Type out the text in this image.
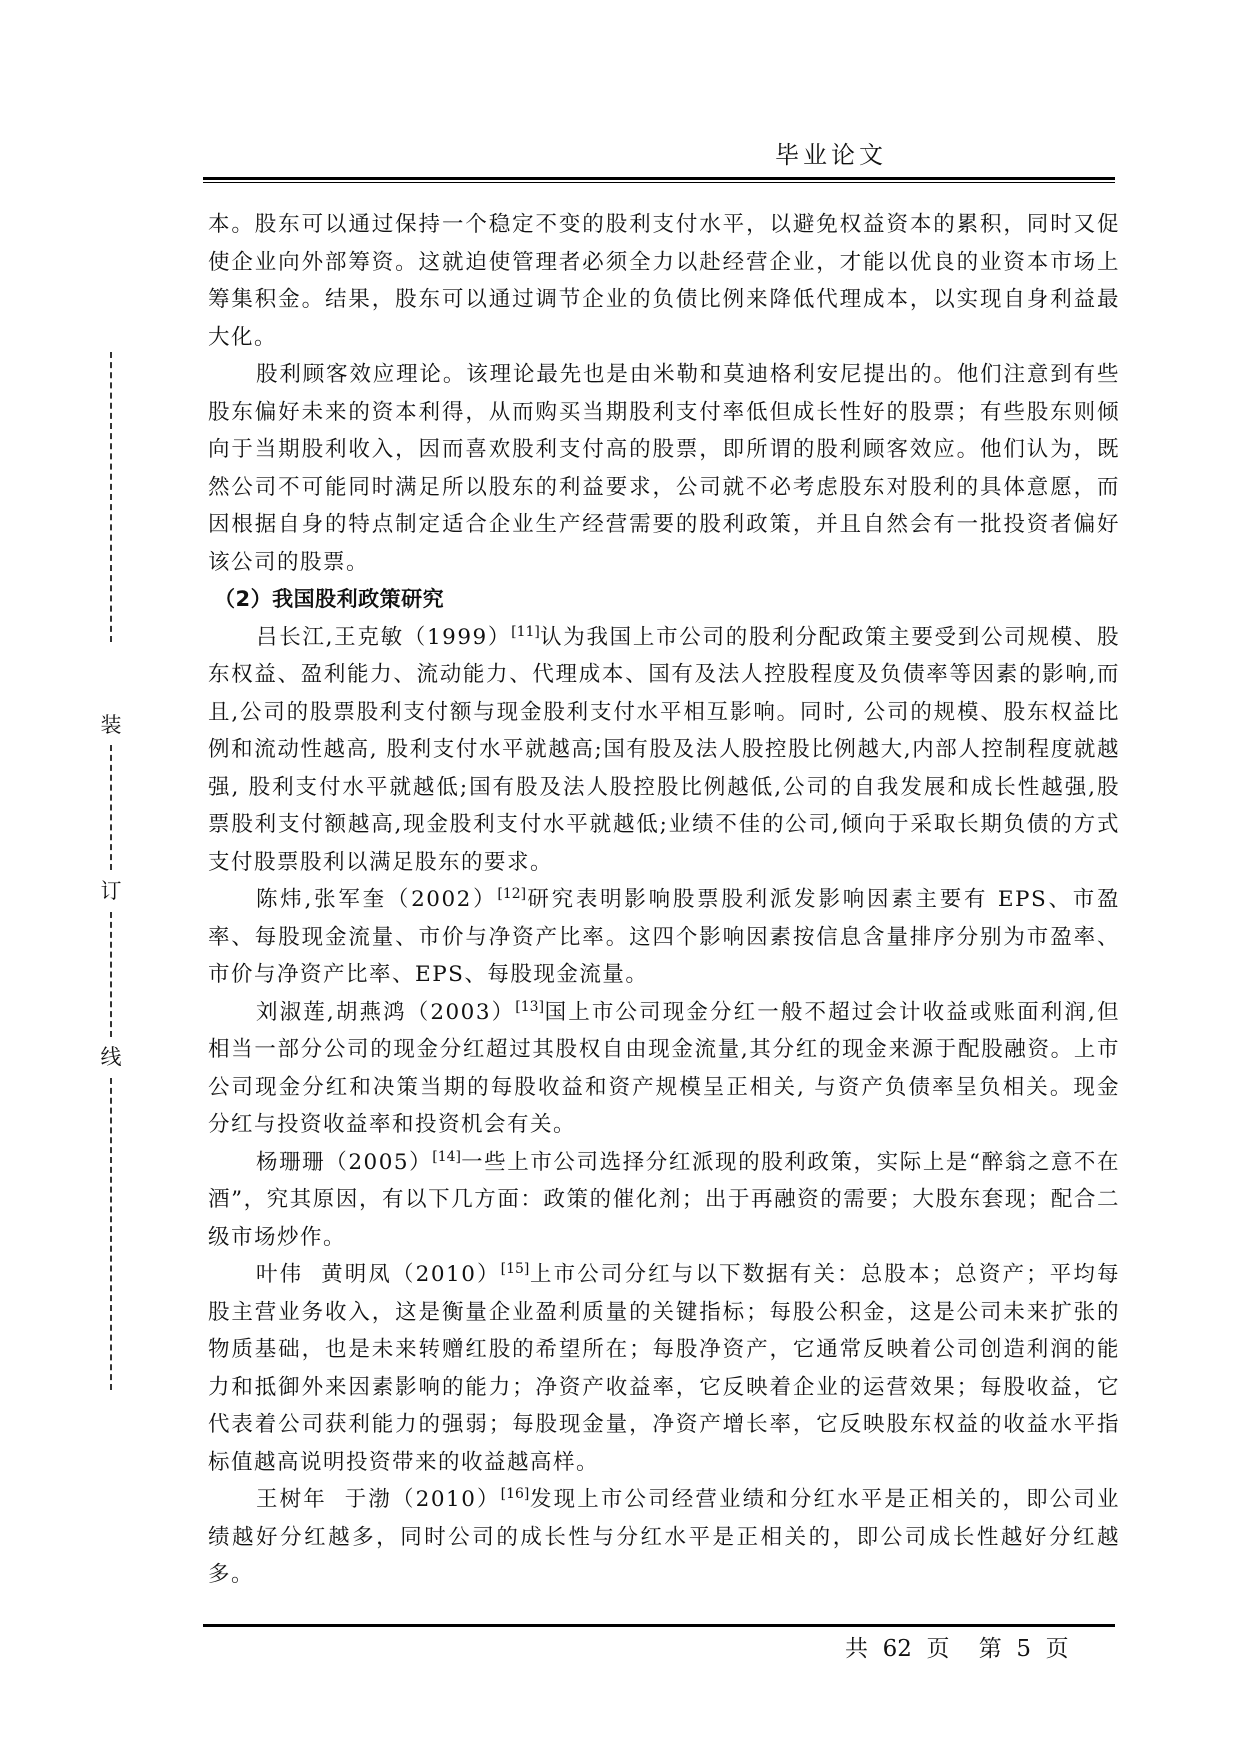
毕业论文
装
订
线

本。股东可以通过保持一个稳定不变的股利支付水平，以避免权益资本的累积，同时又促使企业向外部筹资。这就迫使管理者必须全力以赴经营企业，才能以优良的业资本市场上筹集积金。结果，股东可以通过调节企业的负债比例来降低代理成本，以实现自身利益最大化。

股利顾客效应理论。该理论最先也是由米勒和莫迪格利安尼提出的。他们注意到有些股东偏好未来的资本利得，从而购买当期股利支付率低但成长性好的股票；有些股东则倾向于当期股利收入，因而喜欢股利支付高的股票，即所谓的股利顾客效应。他们认为，既然公司不可能同时满足所以股东的利益要求，公司就不必考虑股东对股利的具体意愿，而因根据自身的特点制定适合企业生产经营需要的股利政策，并且自然会有一批投资者偏好该公司的股票。

（2）我国股利政策研究

吕长江,王克敏（1999）[11]认为我国上市公司的股利分配政策主要受到公司规模、股东权益、盈利能力、流动能力、代理成本、国有及法人控股程度及负债率等因素的影响,而且,公司的股票股利支付额与现金股利支付水平相互影响。同时, 公司的规模、股东权益比例和流动性越高, 股利支付水平就越高;国有股及法人股控股比例越大,内部人控制程度就越强, 股利支付水平就越低;国有股及法人股控股比例越低,公司的自我发展和成长性越强,股票股利支付额越高,现金股利支付水平就越低;业绩不佳的公司,倾向于采取长期负债的方式支付股票股利以满足股东的要求。

陈炜,张军奎（2002）[12]研究表明影响股票股利派发影响因素主要有 EPS、市盈率、每股现金流量、市价与净资产比率。这四个影响因素按信息含量排序分别为市盈率、市价与净资产比率、EPS、每股现金流量。

刘淑莲,胡燕鸿（2003）[13]国上市公司现金分红一般不超过会计收益或账面利润,但相当一部分公司的现金分红超过其股权自由现金流量,其分红的现金来源于配股融资。上市公司现金分红和决策当期的每股收益和资产规模呈正相关, 与资产负债率呈负相关。现金分红与投资收益率和投资机会有关。

杨珊珊（2005）[14]一些上市公司选择分红派现的股利政策，实际上是“醉翁之意不在酒”，究其原因，有以下几方面：政策的催化剂；出于再融资的需要；大股东套现；配合二级市场炒作。

叶伟  黄明凤（2010）[15]上市公司分红与以下数据有关：总股本；总资产；平均每股主营业务收入，这是衡量企业盈利质量的关键指标；每股公积金，这是公司未来扩张的物质基础，也是未来转赠红股的希望所在；每股净资产，它通常反映着公司创造利润的能力和抵御外来因素影响的能力；净资产收益率，它反映着企业的运营效果；每股收益，它代表着公司获利能力的强弱；每股现金量，净资产增长率，它反映股东权益的收益水平指标值越高说明投资带来的收益越高样。

王树年  于渤（2010）[16]发现上市公司经营业绩和分红水平是正相关的，即公司业绩越好分红越多，同时公司的成长性与分红水平是正相关的，即公司成长性越好分红越多。

共  62  页    第  5  页
